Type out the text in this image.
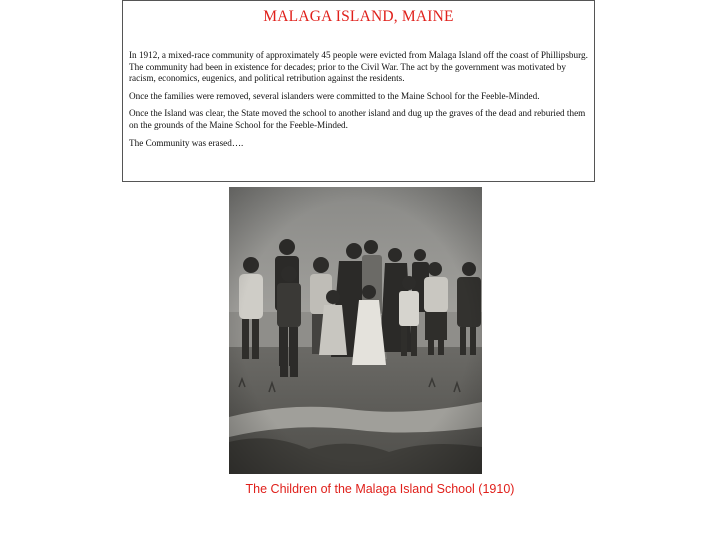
MALAGA ISLAND, MAINE

In 1912, a mixed-race community of approximately 45 people were evicted from Malaga Island off the coast of Phillipsburg. The community had been in existence for decades; prior to the Civil War. The act by the government was motivated by racism, economics, eugenics, and political retribution against the residents.

Once the families were removed, several islanders were committed to the Maine School for the Feeble-Minded.

Once the Island was clear, the State moved the school to another island and dug up the graves of the dead and reburied them on the grounds of the Maine School for the Feeble-Minded.

The Community was erased….

The Children of the Malaga Island School (1910)
